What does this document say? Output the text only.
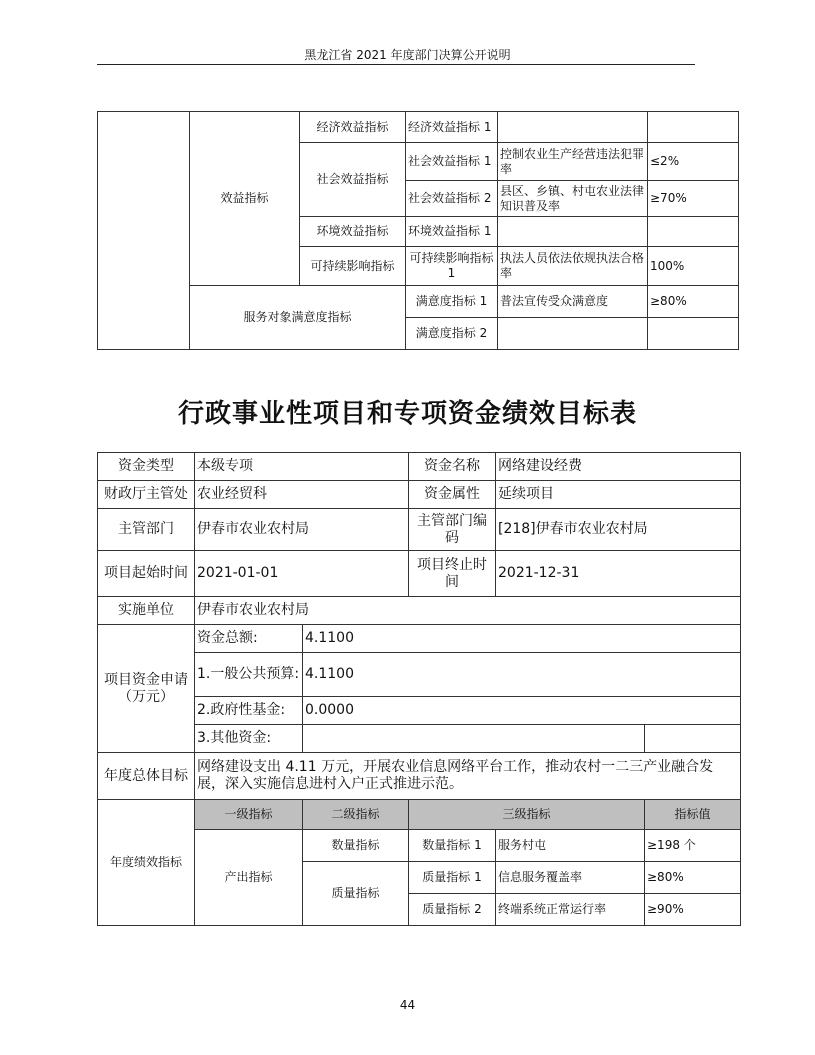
黑龙江省 2021 年度部门决算公开说明
	效益指标	经济效益指标	经济效益指标 1		
		社会效益指标	社会效益指标 1	控制农业生产经营违法犯罪率	≤2%
			社会效益指标 2	县区、乡镇、村屯农业法律知识普及率	≥70%
		环境效益指标	环境效益指标 1		
		可持续影响指标	可持续影响指标 1	执法人员依法依规执法合格率	100%

	服务对象满意度指标		满意度指标 1	普法宣传受众满意度	≥80%
			满意度指标 2		
行政事业性项目和专项资金绩效目标表
资金类型	本级专项		资金名称	网络建设经费	
财政厅主管处	农业经贸科		资金属性	延续项目	
主管部门	伊春市农业农村局		主管部门编码	[218]伊春市农业农村局	
项目起始时间	2021-01-01		项目终止时间	2021-12-31	
实施单位	伊春市农业农村局				
项目资金申请（万元）	资金总额:	4.1100			
	1.一般公共预算:	4.1100			
	2.政府性基金:	0.0000			
	3.其他资金:				
年度总体目标	网络建设支出 4.11 万元，开展农业信息网络平台工作，推动农村一二三产业融合发展，深入实施信息进村入户正式推进示范。				
年度绩效指标	一级指标	二级指标	三级指标		指标值
	产出指标	数量指标	数量指标 1	服务村屯	≥198 个
		质量指标	质量指标 1	信息服务覆盖率	≥80%
			质量指标 2	终端系统正常运行率	≥90%
44
